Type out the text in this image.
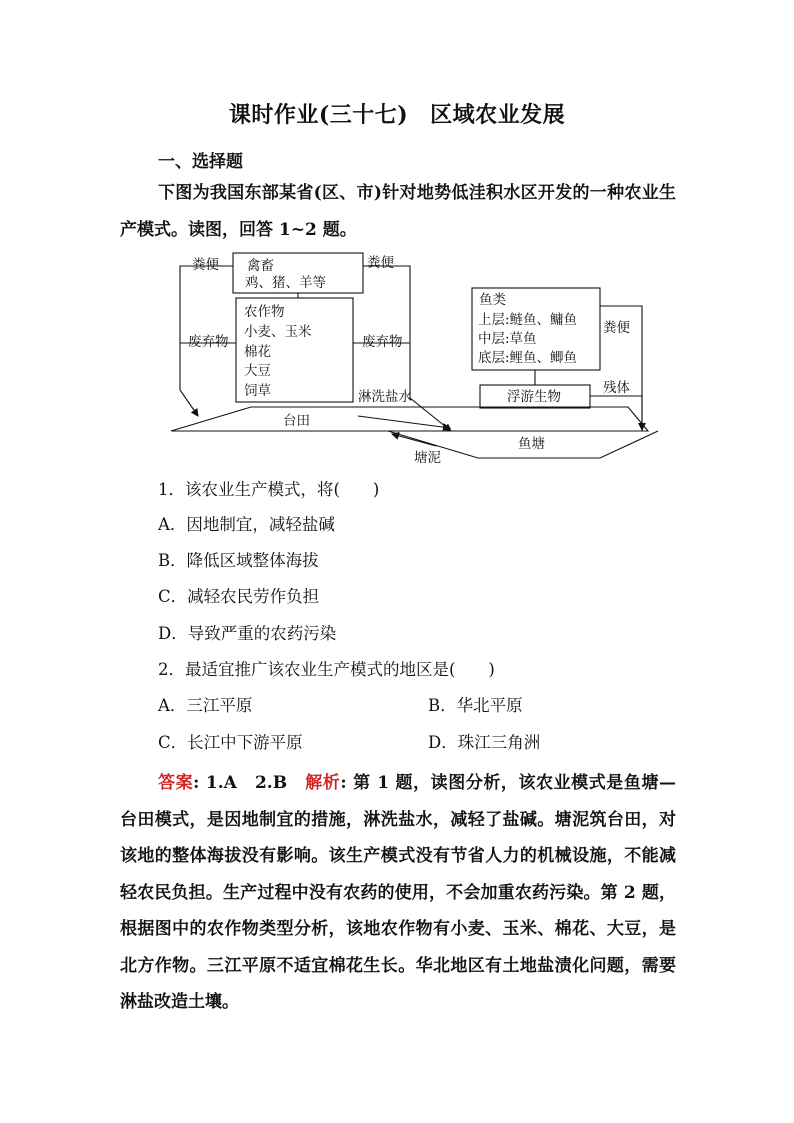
课时作业(三十七) 区域农业发展
一、选择题
下图为我国东部某省(区、市)针对地势低洼积水区开发的一种农业生产模式。读图，回答 1~2 题。
禽畜
鸡、猪、羊等
农作物
小麦、玉米
棉花
大豆
饲草
鱼类
上层:鲢鱼、鳙鱼
中层:草鱼
底层:鲤鱼、鲫鱼
浮游生物
台田
鱼塘
粪便	粪便
粪便
废弃物	废弃物
残体
淋洗盐水
塘泥
1．该农业生产模式，将(　　)
A．因地制宜，减轻盐碱
B．降低区域整体海拔
C．减轻农民劳作负担
D．导致严重的农药污染
2．最适宜推广该农业生产模式的地区是(　　)
A．三江平原	B．华北平原
C．长江中下游平原	D．珠江三角洲
答案: 1.A　2.B　解析: 第 1 题，读图分析，该农业模式是鱼塘—台田模式，是因地制宜的措施，淋洗盐水，减轻了盐碱。塘泥筑台田，对该地的整体海拔没有影响。该生产模式没有节省人力的机械设施，不能减轻农民负担。生产过程中没有农药的使用，不会加重农药污染。第 2 题，根据图中的农作物类型分析，该地农作物有小麦、玉米、棉花、大豆，是北方作物。三江平原不适宜棉花生长。华北地区有土地盐渍化问题，需要淋盐改造土壤。
